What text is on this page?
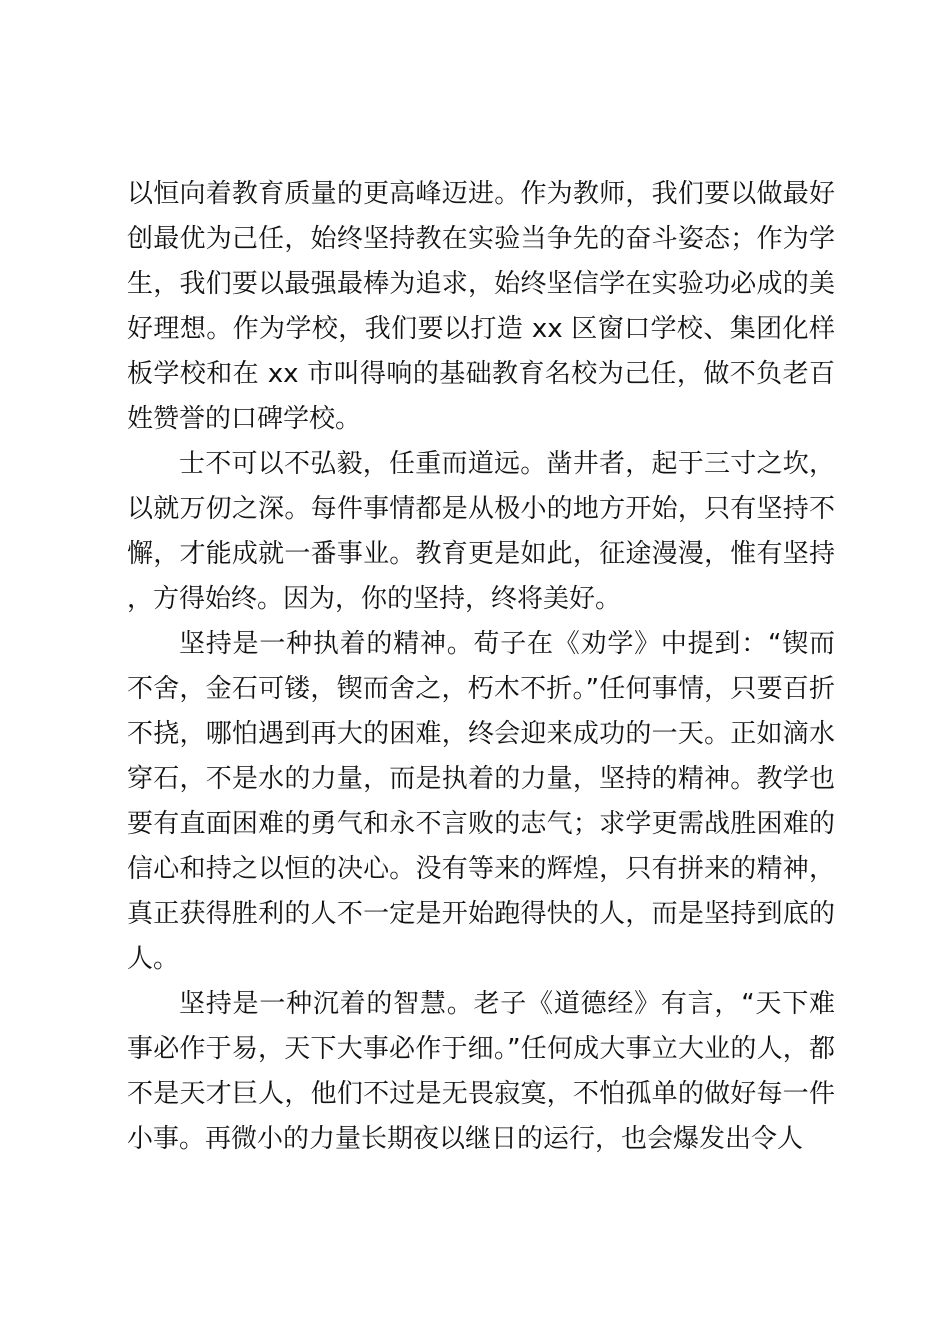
以恒向着教育质量的更高峰迈进。作为教师，我们要以做最好创最优为己任，始终坚持教在实验当争先的奋斗姿态；作为学生，我们要以最强最棒为追求，始终坚信学在实验功必成的美好理想。作为学校，我们要以打造 xx 区窗口学校、集团化样板学校和在 xx 市叫得响的基础教育名校为己任，做不负老百姓赞誉的口碑学校。

士不可以不弘毅，任重而道远。凿井者，起于三寸之坎，以就万仞之深。每件事情都是从极小的地方开始，只有坚持不懈，才能成就一番事业。教育更是如此，征途漫漫，惟有坚持，方得始终。因为，你的坚持，终将美好。

坚持是一种执着的精神。荀子在《劝学》中提到：“锲而不舍，金石可镂，锲而舍之，朽木不折。”任何事情，只要百折不挠，哪怕遇到再大的困难，终会迎来成功的一天。正如滴水穿石，不是水的力量，而是执着的力量，坚持的精神。教学也要有直面困难的勇气和永不言败的志气；求学更需战胜困难的信心和持之以恒的决心。没有等来的辉煌，只有拼来的精神，真正获得胜利的人不一定是开始跑得快的人，而是坚持到底的人。

坚持是一种沉着的智慧。老子《道德经》有言，“天下难事必作于易，天下大事必作于细。”任何成大事立大业的人，都不是天才巨人，他们不过是无畏寂寞，不怕孤单的做好每一件小事。再微小的力量长期夜以继日的运行，也会爆发出令人
